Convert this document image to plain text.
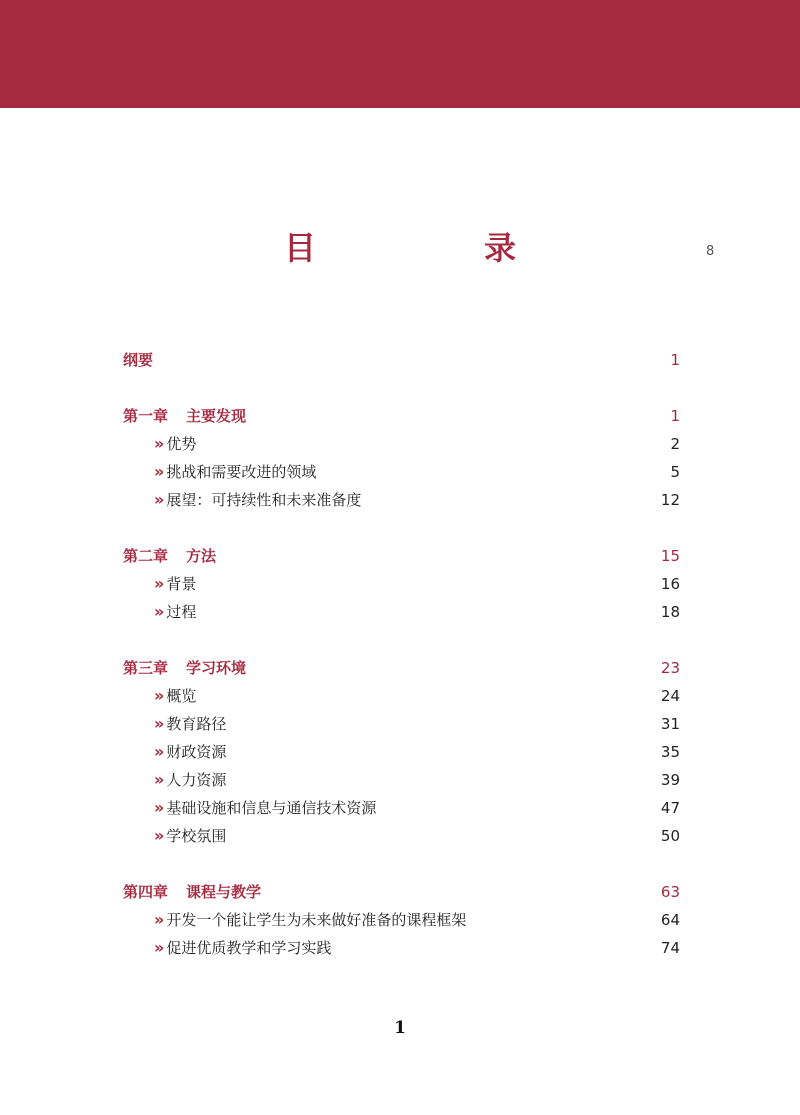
目　录	8
纲要	1
第一章 主要发现	1
» 优势	2
» 挑战和需要改进的领域	5
» 展望：可持续性和未来准备度	12
第二章 方法	15
» 背景	16
» 过程	18
第三章 学习环境	23
» 概览	24
» 教育路径	31
» 财政资源	35
» 人力资源	39
» 基础设施和信息与通信技术资源	47
» 学校氛围	50
第四章 课程与教学	63
» 开发一个能让学生为未来做好准备的课程框架	64
» 促进优质教学和学习实践	74
1
